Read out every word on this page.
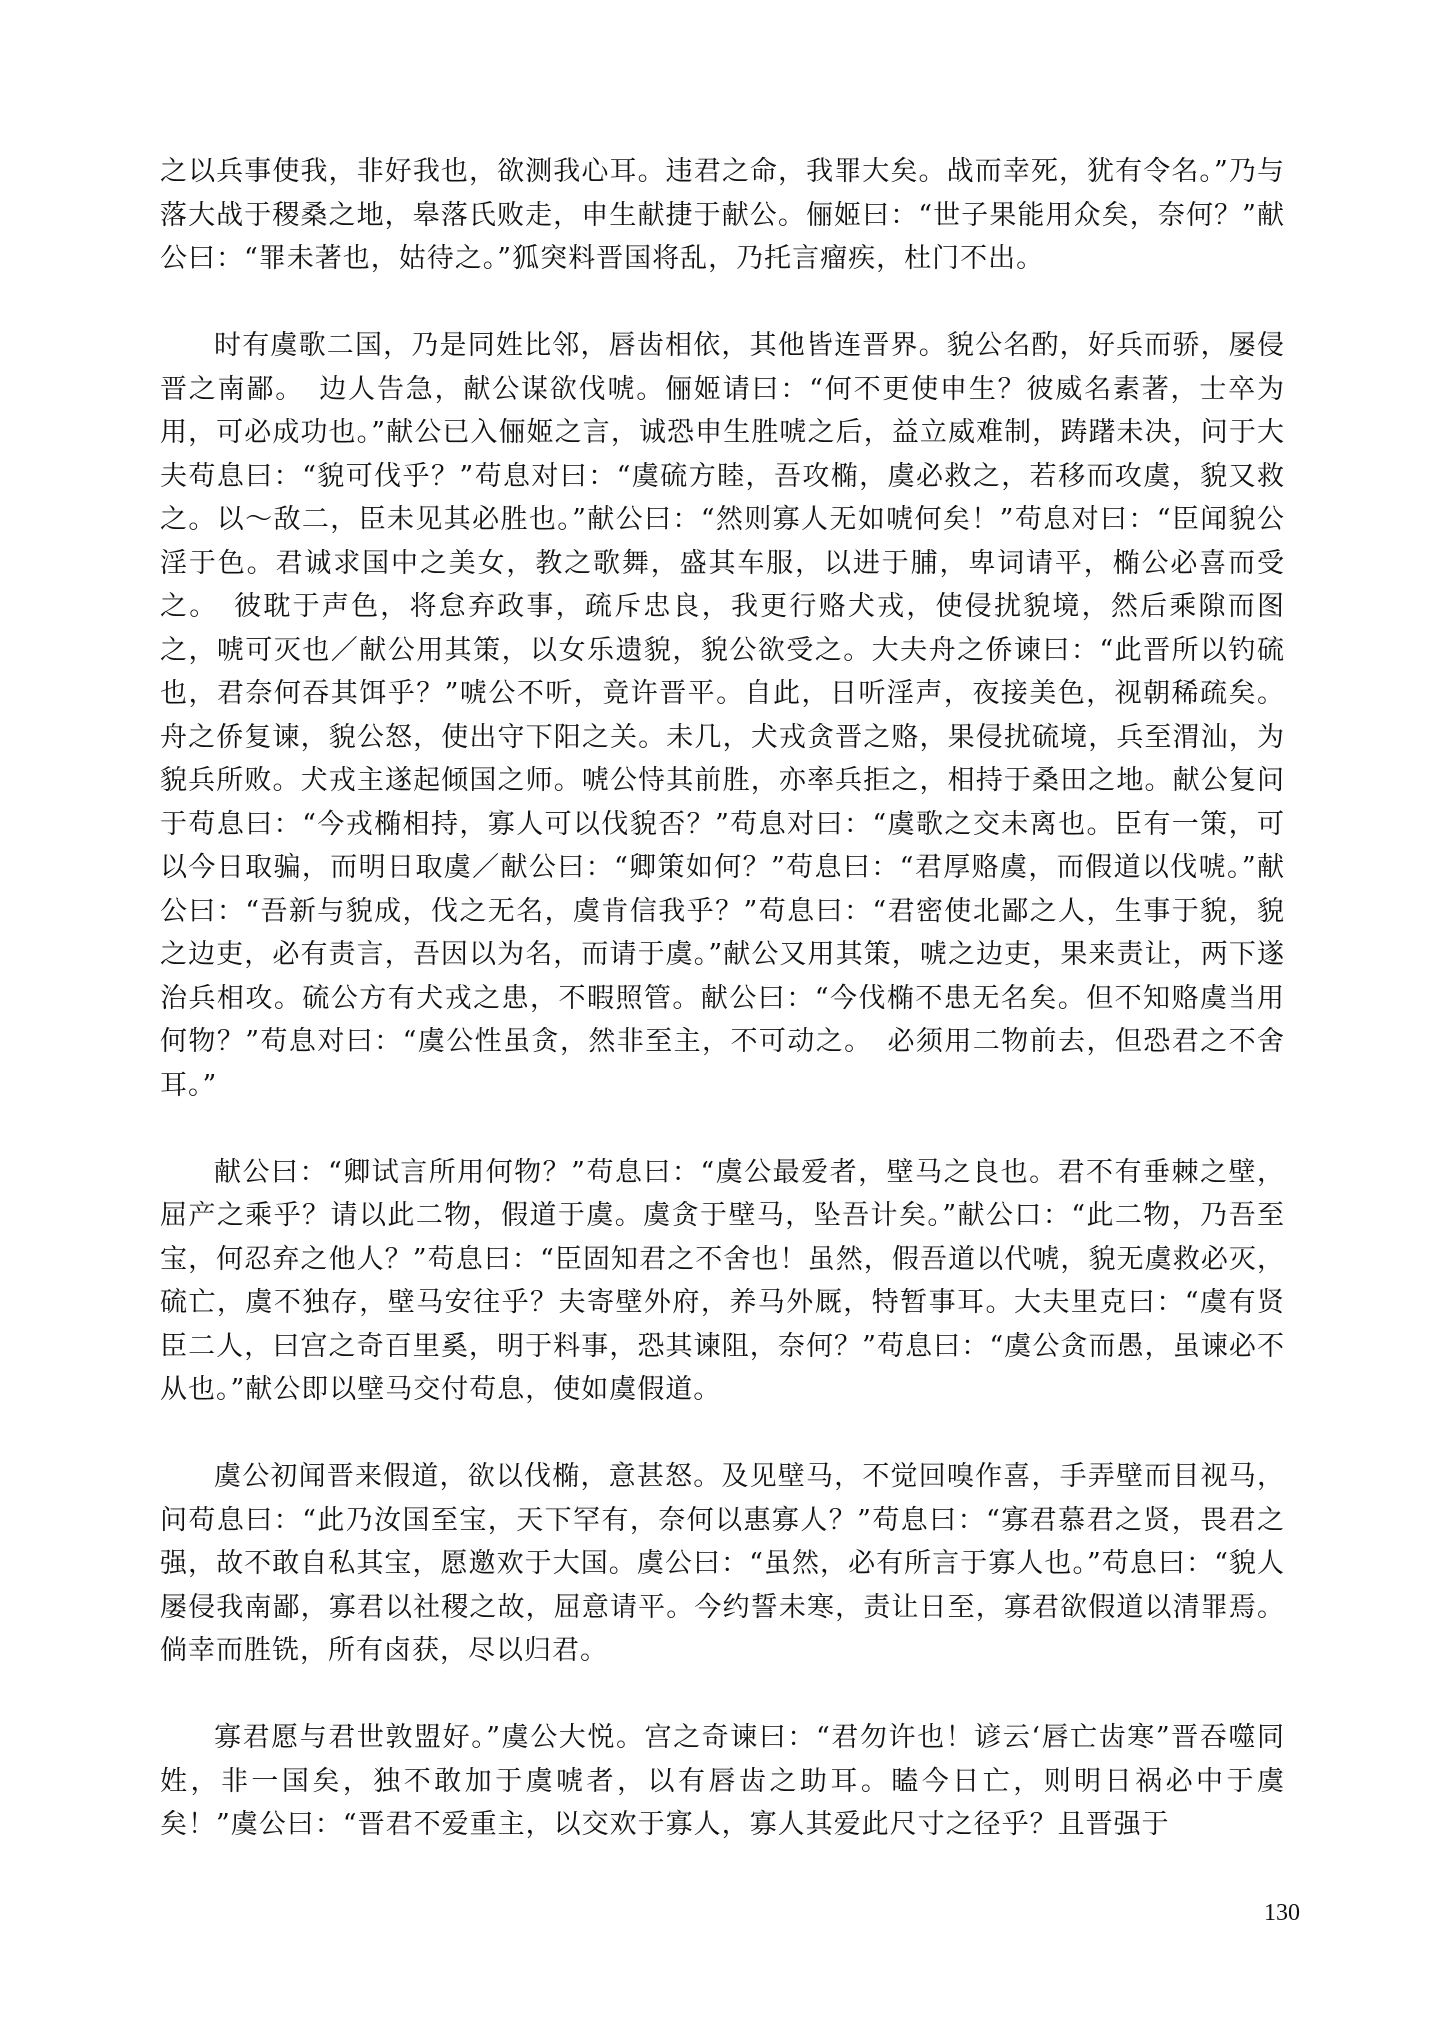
之以兵事使我，非好我也，欲测我心耳。违君之命，我罪大矣。战而幸死，犹有令名。”乃与落大战于稷桑之地，皋落氏败走，申生献捷于献公。俪姬曰：“世子果能用众矣，奈何？”献公曰：“罪未著也，姑待之。”狐突料晋国将乱，乃托言瘤疾，杜门不出。

时有虞歌二国，乃是同姓比邻，唇齿相依，其他皆连晋界。貌公名酌，好兵而骄，屡侵晋之南鄙。　边人告急，献公谋欲伐唬。俪姬请曰：“何不更使申生？彼威名素著，士卒为用，可必成功也。”献公已入俪姬之言，诚恐申生胜唬之后，益立威难制，踌躇未决，问于大夫苟息曰：“貌可伐乎？”苟息对曰：“虞硫方睦，吾攻椭，虞必救之，若移而攻虞，貌又救之。以～敌二，臣未见其必胜也。”献公曰：“然则寡人无如唬何矣！”苟息对曰：“臣闻貌公淫于色。君诚求国中之美女，教之歌舞，盛其车服，以进于脯，卑词请平，椭公必喜而受之。　彼耽于声色，将怠弃政事，疏斥忠良，我更行赂犬戎，使侵扰貌境，然后乘隙而图之，唬可灭也／献公用其策，以女乐遗貌，貌公欲受之。大夫舟之侨谏曰：“此晋所以钓硫也，君奈何吞其饵乎？”唬公不听，竟许晋平。自此，日听淫声，夜接美色，视朝稀疏矣。舟之侨复谏，貌公怒，使出守下阳之关。未几，犬戎贪晋之赂，果侵扰硫境，兵至渭汕，为貌兵所败。犬戎主遂起倾国之师。唬公恃其前胜，亦率兵拒之，相持于桑田之地。献公复问于苟息曰：“今戎椭相持，寡人可以伐貌否？”苟息对曰：“虞歌之交未离也。臣有一策，可以今日取骗，而明日取虞／献公曰：“卿策如何？”苟息曰：“君厚赂虞，而假道以伐唬。”献公曰：“吾新与貌成，伐之无名，虞肯信我乎？”苟息曰：“君密使北鄙之人，生事于貌，貌之边吏，必有责言，吾因以为名，而请于虞。”献公又用其策，唬之边吏，果来责让，两下遂治兵相攻。硫公方有犬戎之患，不暇照管。献公曰：“今伐椭不患无名矣。但不知赂虞当用何物？”苟息对曰：“虞公性虽贪，然非至主，不可动之。　必须用二物前去，但恐君之不舍耳。”

献公曰：“卿试言所用何物？”苟息曰：“虞公最爱者，壁马之良也。君不有垂棘之壁，屈产之乘乎？请以此二物，假道于虞。虞贪于壁马，坠吾计矣。”献公口：“此二物，乃吾至宝，何忍弃之他人？”苟息曰：“臣固知君之不舍也！虽然，假吾道以代唬，貌无虞救必灭，硫亡，虞不独存，壁马安往乎？夫寄壁外府，养马外厩，特暂事耳。大夫里克曰：“虞有贤臣二人，曰宫之奇百里奚，明于料事，恐其谏阻，奈何？”苟息曰：“虞公贪而愚，虽谏必不从也。”献公即以壁马交付苟息，使如虞假道。

虞公初闻晋来假道，欲以伐椭，意甚怒。及见壁马，不觉回嗅作喜，手弄壁而目视马，问苟息曰：“此乃汝国至宝，天下罕有，奈何以惠寡人？”苟息曰：“寡君慕君之贤，畏君之强，故不敢自私其宝，愿邀欢于大国。虞公曰：“虽然，必有所言于寡人也。”苟息曰：“貌人屡侵我南鄙，寡君以社稷之故，屈意请平。今约誓未寒，责让日至，寡君欲假道以清罪焉。倘幸而胜铣，所有卤获，尽以归君。

寡君愿与君世敦盟好。”虞公大悦。宫之奇谏曰：“君勿许也！谚云‘唇亡齿寒”晋吞噬同姓，非一国矣，独不敢加于虞唬者，以有唇齿之助耳。瞌今日亡，则明日祸必中于虞矣！”虞公曰：“晋君不爱重主，以交欢于寡人，寡人其爱此尺寸之径乎？且晋强于

130
